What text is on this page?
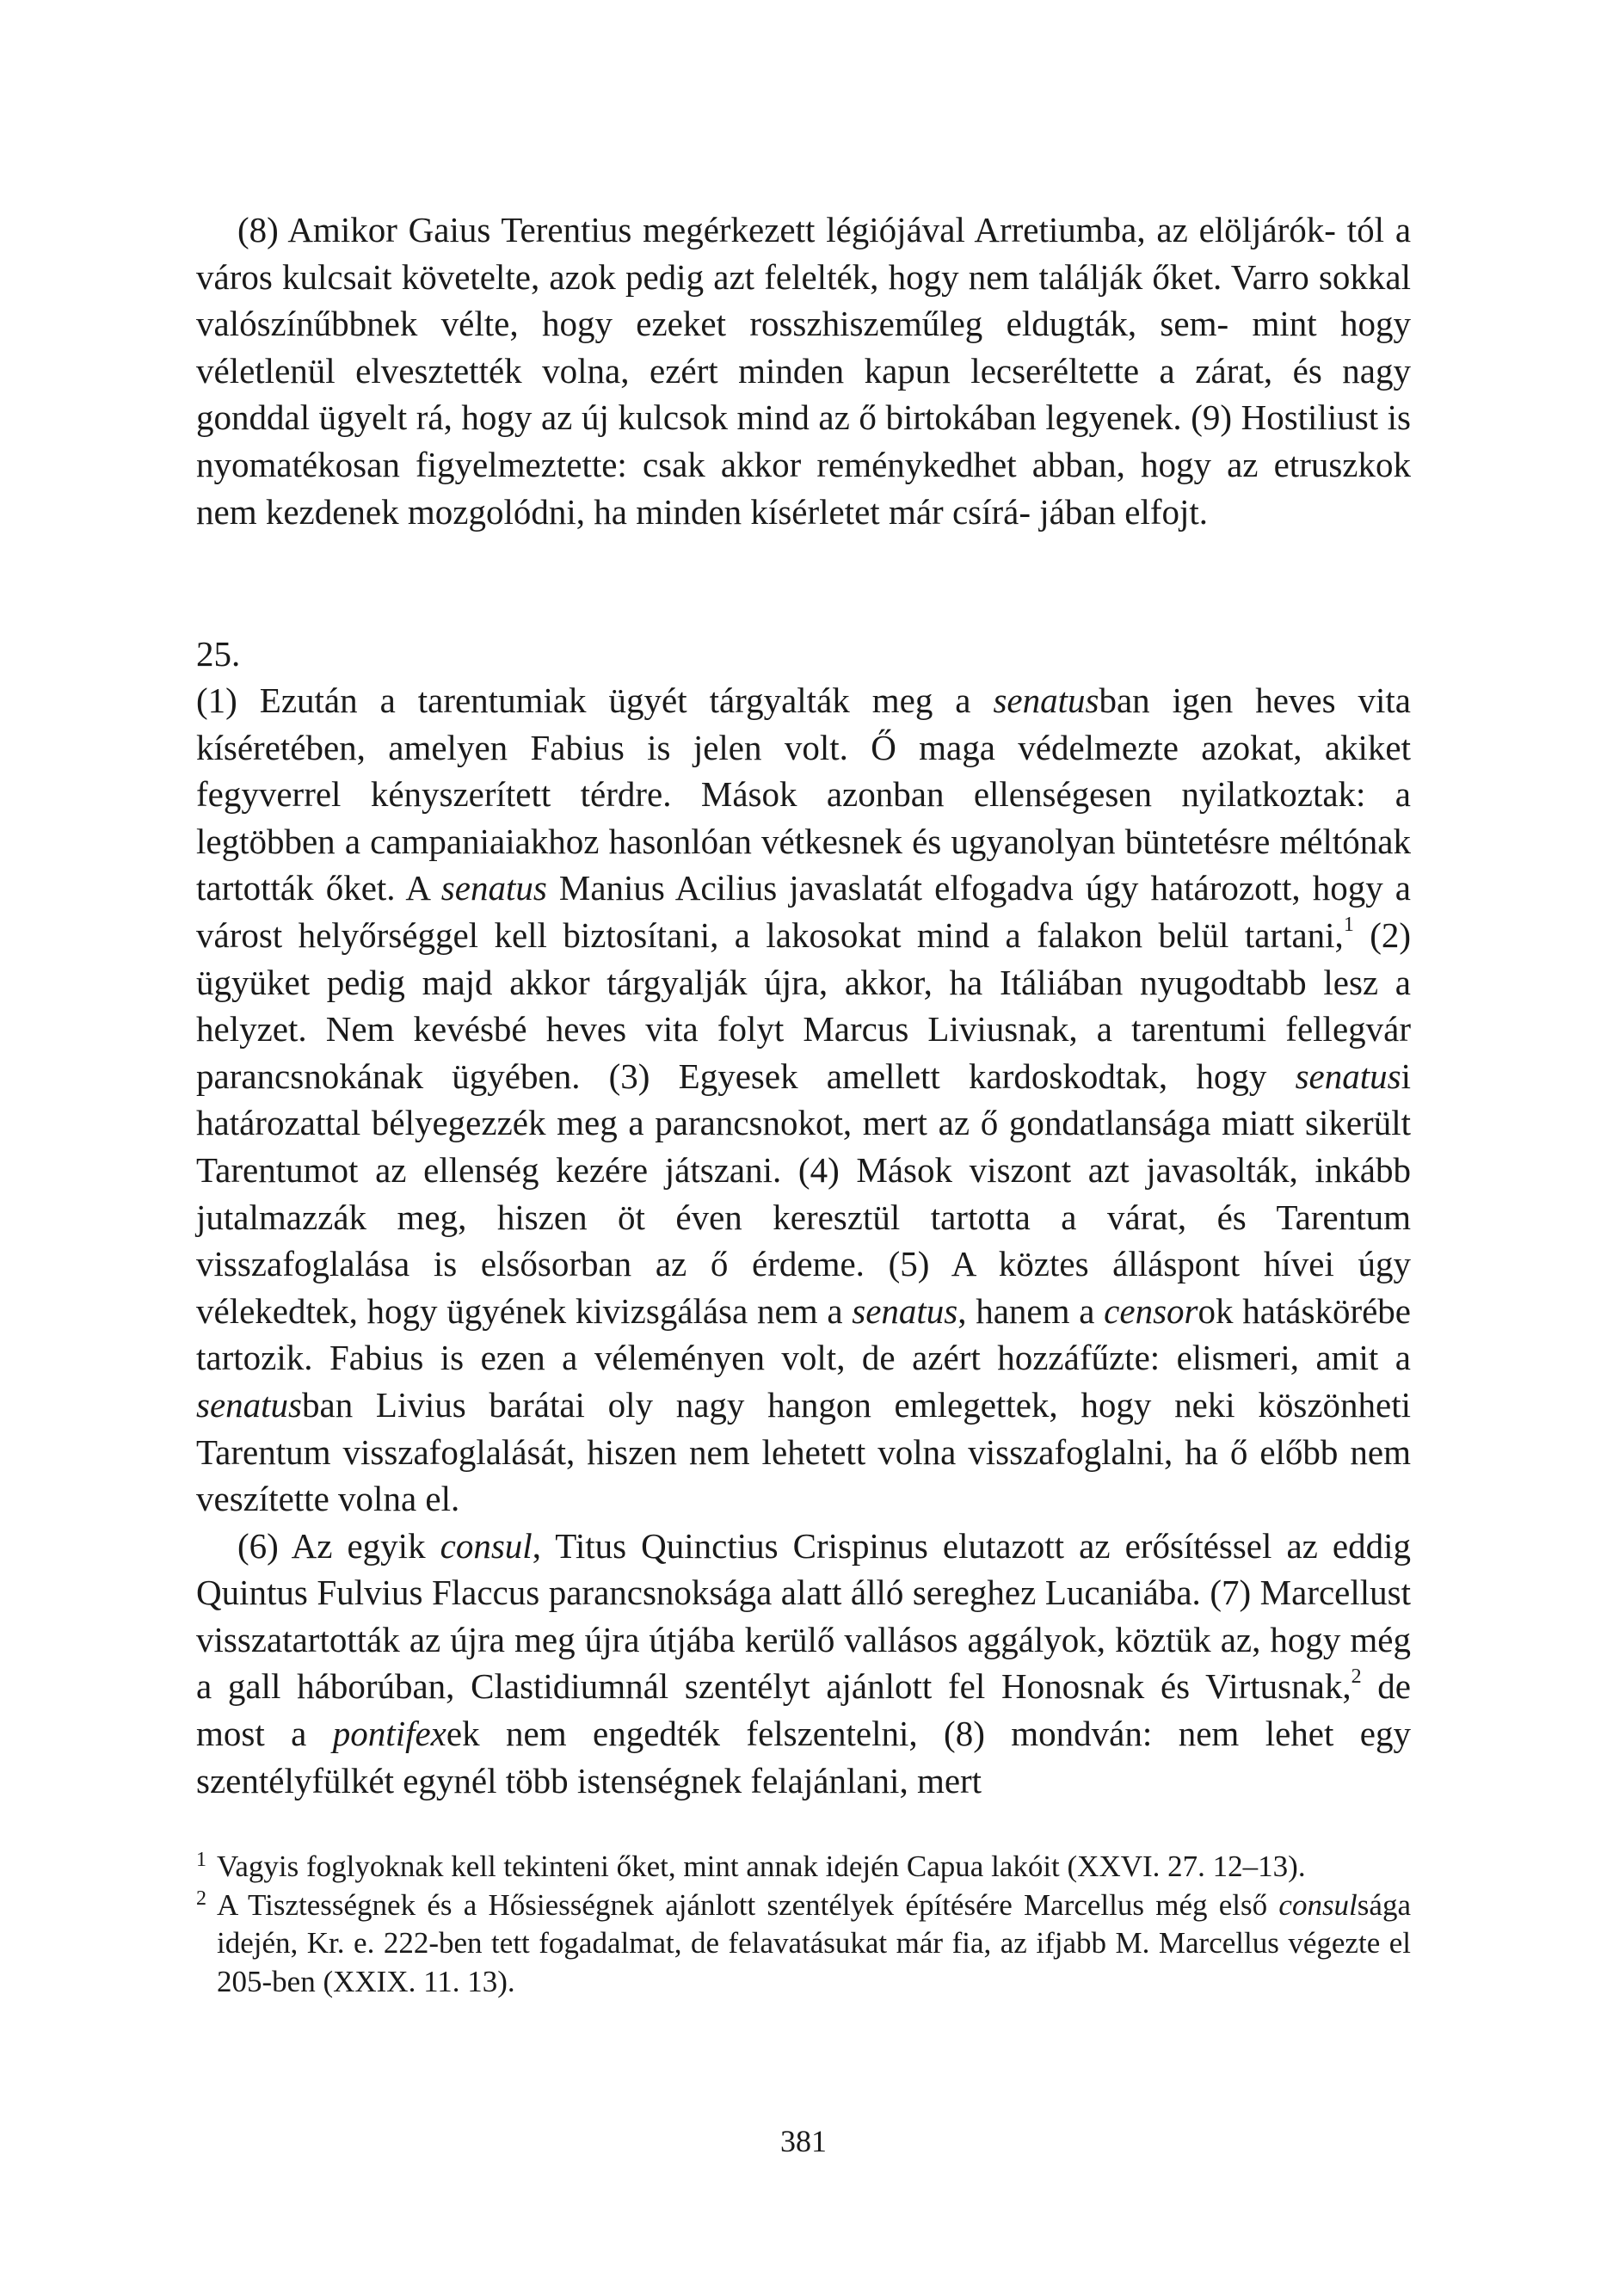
(8) Amikor Gaius Terentius megérkezett légiójával Arretiumba, az elöljárók- tól a város kulcsait követelte, azok pedig azt felelték, hogy nem találják őket. Varro sokkal valószínűbbnek vélte, hogy ezeket rosszhiszeműleg eldugták, sem- mint hogy véletlenül elvesztették volna, ezért minden kapun lecseréltette a zárat, és nagy gonddal ügyelt rá, hogy az új kulcsok mind az ő birtokában legyenek. (9) Hostiliust is nyomatékosan figyelmeztette: csak akkor reménykedhet abban, hogy az etruszkok nem kezdenek mozgolódni, ha minden kísérletet már csírá- jában elfojt.

25.

(1) Ezután a tarentumiak ügyét tárgyalták meg a senatusban igen heves vita kíséretében, amelyen Fabius is jelen volt. Ő maga védelmezte azokat, akiket fegyverrel kényszerített térdre. Mások azonban ellenségesen nyilatkoztak: a legtöbben a campaniaiakhoz hasonlóan vétkesnek és ugyanolyan büntetésre méltónak tartották őket. A senatus Manius Acilius javaslatát elfogadva úgy határozott, hogy a várost helyőrséggel kell biztosítani, a lakosokat mind a falakon belül tartani,$^1$ (2) ügyüket pedig majd akkor tárgyalják újra, akkor, ha Itáliában nyugodtabb lesz a helyzet. Nem kevésbé heves vita folyt Marcus Liviusnak, a tarentumi fellegvár parancsnokának ügyében. (3) Egyesek amellett kardoskodtak, hogy senatusi határozattal bélyegezzék meg a parancsnokot, mert az ő gondatlansága miatt sikerült Tarentumot az ellenség kezére játszani. (4) Mások viszont azt javasolták, inkább jutalmazzák meg, hiszen öt éven keresztül tartotta a várat, és Tarentum visszafoglalása is elsősorban az ő érdeme. (5) A köztes álláspont hívei úgy vélekedtek, hogy ügyének kivizsgálása nem a senatus, hanem a censorok hatáskörébe tartozik. Fabius is ezen a véleményen volt, de azért hozzáfűzte: elismeri, amit a senatusban Livius barátai oly nagy hangon emlegettek, hogy neki köszönheti Tarentum visszafoglalását, hiszen nem lehetett volna visszafoglalni, ha ő előbb nem veszítette volna el.

(6) Az egyik consul, Titus Quinctius Crispinus elutazott az erősítéssel az eddig Quintus Fulvius Flaccus parancsnoksága alatt álló sereghez Lucaniába. (7) Marcellust visszatartották az újra meg újra útjába kerülő vallásos aggályok, köztük az, hogy még a gall háborúban, Clastidiumnál szentélyt ajánlott fel Honosnak és Virtusnak,$^2$ de most a pontifexek nem engedték felszentelni, (8) mondván: nem lehet egy szentélyfülkét egynél több istenségnek felajánlani, mert

1 Vagyis foglyoknak kell tekinteni őket, mint annak idején Capua lakóit (XXVI. 27. 12–13).
2 A Tisztességnek és a Hősiességnek ajánlott szentélyek építésére Marcellus még első consulsága idején, Kr. e. 222-ben tett fogadalmat, de felavatásukat már fia, az ifjabb M. Marcellus végezte el 205-ben (XXIX. 11. 13).
381
